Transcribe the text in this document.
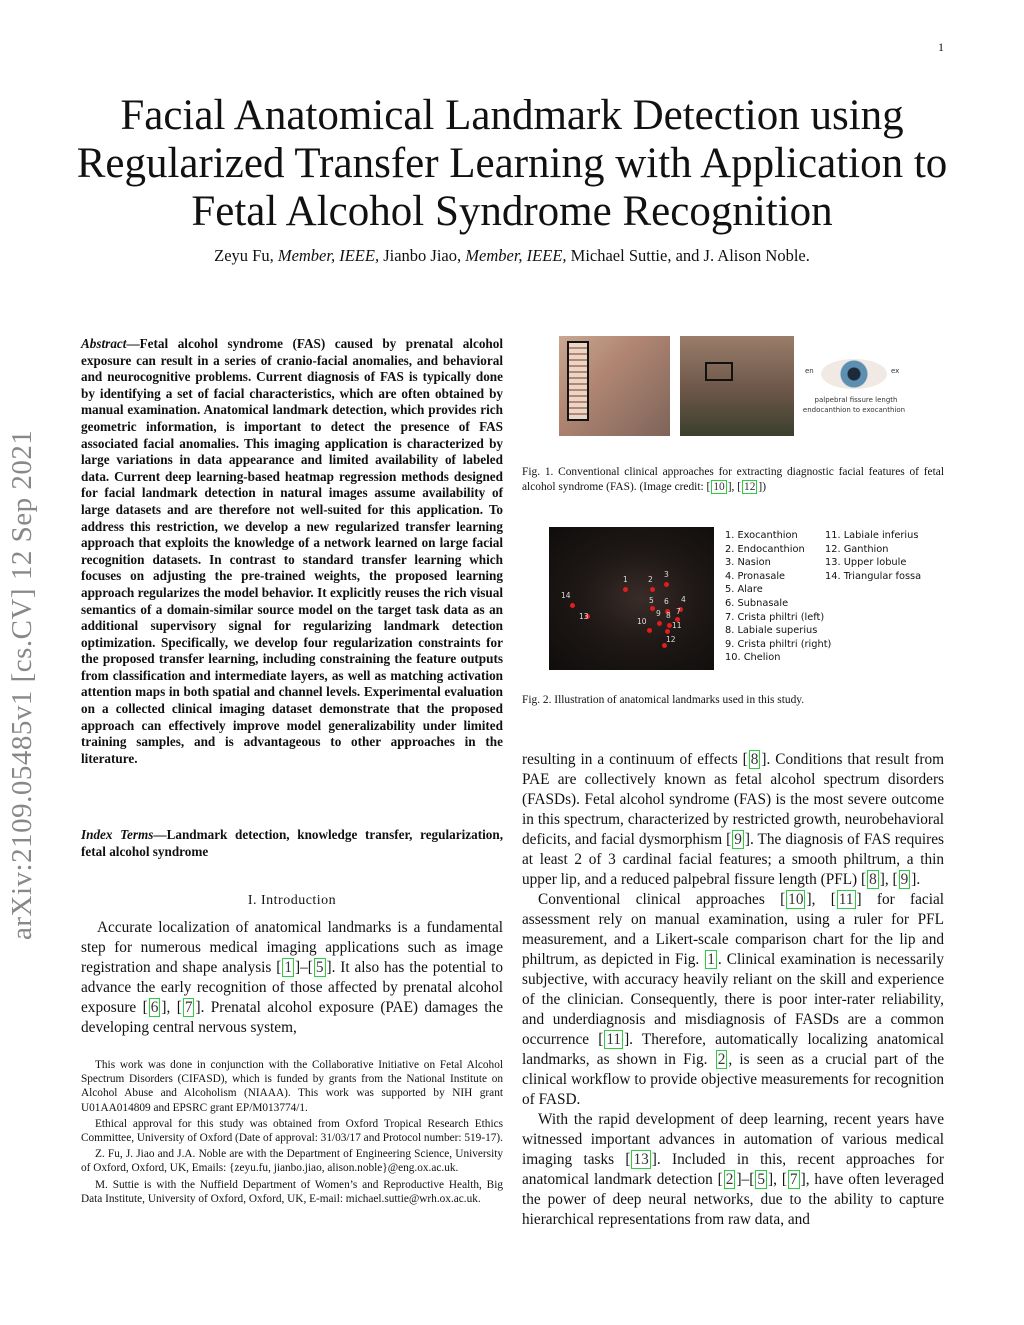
1
arXiv:2109.05485v1 [cs.CV] 12 Sep 2021
Facial Anatomical Landmark Detection using Regularized Transfer Learning with Application to Fetal Alcohol Syndrome Recognition
Zeyu Fu, Member, IEEE, Jianbo Jiao, Member, IEEE, Michael Suttie, and J. Alison Noble.
Abstract—Fetal alcohol syndrome (FAS) caused by prenatal alcohol exposure can result in a series of cranio-facial anomalies, and behavioral and neurocognitive problems. Current diagnosis of FAS is typically done by identifying a set of facial characteristics, which are often obtained by manual examination. Anatomical landmark detection, which provides rich geometric information, is important to detect the presence of FAS associated facial anomalies. This imaging application is characterized by large variations in data appearance and limited availability of labeled data. Current deep learning-based heatmap regression methods designed for facial landmark detection in natural images assume availability of large datasets and are therefore not well-suited for this application. To address this restriction, we develop a new regularized transfer learning approach that exploits the knowledge of a network learned on large facial recognition datasets. In contrast to standard transfer learning which focuses on adjusting the pre-trained weights, the proposed learning approach regularizes the model behavior. It explicitly reuses the rich visual semantics of a domain-similar source model on the target task data as an additional supervisory signal for regularizing landmark detection optimization. Specifically, we develop four regularization constraints for the proposed transfer learning, including constraining the feature outputs from classification and intermediate layers, as well as matching activation attention maps in both spatial and channel levels. Experimental evaluation on a collected clinical imaging dataset demonstrate that the proposed approach can effectively improve model generalizability under limited training samples, and is advantageous to other approaches in the literature.
Index Terms—Landmark detection, knowledge transfer, regularization, fetal alcohol syndrome
I. Introduction

Accurate localization of anatomical landmarks is a fundamental step for numerous medical imaging applications such as image registration and shape analysis [ 1 ]–[ 5 ]. It also has the potential to advance the early recognition of those affected by prenatal alcohol exposure [ 6 ], [ 7 ]. Prenatal alcohol exposure (PAE) damages the developing central nervous system,

This work was done in conjunction with the Collaborative Initiative on Fetal Alcohol Spectrum Disorders (CIFASD), which is funded by grants from the National Institute on Alcohol Abuse and Alcoholism (NIAAA). This work was supported by NIH grant U01AA014809 and EPSRC grant EP/M013774/1.

Ethical approval for this study was obtained from Oxford Tropical Research Ethics Committee, University of Oxford (Date of approval: 31/03/17 and Protocol number: 519-17).

Z. Fu, J. Jiao and J.A. Noble are with the Department of Engineering Science, University of Oxford, Oxford, UK, Emails: {zeyu.fu, jianbo.jiao, alison.noble}@eng.ox.ac.uk.

M. Suttie is with the Nuffield Department of Women’s and Reproductive Health, Big Data Institute, University of Oxford, Oxford, UK, E-mail: michael.suttie@wrh.ox.ac.uk.

en	ex
palpebral fissure length
endocanthion to exocanthion
Fig. 1. Conventional clinical approaches for extracting diagnostic facial features of fetal alcohol syndrome (FAS). (Image credit: [ 10 ], [ 12 ])
1	2
3
4
5 6
7
8
9
10	11
12
13
14
1. Exocanthion
2. Endocanthion
3. Nasion
4. Pronasale
5. Alare
6. Subnasale
7. Crista philtri (left)
8. Labiale superius
9. Crista philtri (right)
10. Chelion
11. Labiale inferius
12. Ganthion
13. Upper lobule
14. Triangular fossa
Fig. 2. Illustration of anatomical landmarks used in this study.

resulting in a continuum of effects [ 8 ]. Conditions that result from PAE are collectively known as fetal alcohol spectrum disorders (FASDs). Fetal alcohol syndrome (FAS) is the most severe outcome in this spectrum, characterized by restricted growth, neurobehavioral deficits, and facial dysmorphism [ 9 ]. The diagnosis of FAS requires at least 2 of 3 cardinal facial features; a smooth philtrum, a thin upper lip, and a reduced palpebral fissure length (PFL) [ 8 ], [ 9 ].

Conventional clinical approaches [ 10 ], [ 11 ] for facial assessment rely on manual examination, using a ruler for PFL measurement, and a Likert-scale comparison chart for the lip and philtrum, as depicted in Fig. 1 . Clinical examination is necessarily subjective, with accuracy heavily reliant on the skill and experience of the clinician. Consequently, there is poor inter-rater reliability, and underdiagnosis and misdiagnosis of FASDs are a common occurrence [ 11 ]. Therefore, automatically localizing anatomical landmarks, as shown in Fig. 2 , is seen as a crucial part of the clinical workflow to provide objective measurements for recognition of FASD.

With the rapid development of deep learning, recent years have witnessed important advances in automation of various medical imaging tasks [ 13 ]. Included in this, recent approaches for anatomical landmark detection [ 2 ]–[ 5 ], [ 7 ], have often leveraged the power of deep neural networks, due to the ability to capture hierarchical representations from raw data, and
